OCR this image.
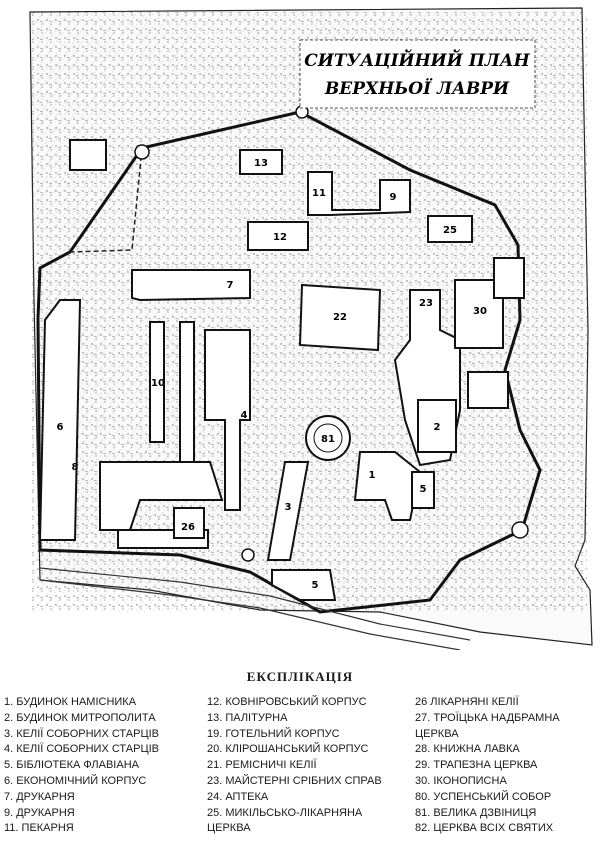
СИТУАЦІЙНИЙ ПЛАН
ВЕРХНЬОЇ ЛАВРИ
13
11	9
12
25
7
22
23
6
4
1
3
8
5
2
81
10
26
30
5
ЕКСПЛІКАЦІЯ
1. БУДИНОК НАМІСНИКА
2. БУДИНОК МИТРОПОЛИТА
3. КЕЛІЇ СОБОРНИХ СТАРЦІВ
4. КЕЛІЇ СОБОРНИХ СТАРЦІВ
5. БІБЛІОТЕКА ФЛАВІАНА
6. ЕКОНОМІЧНИЙ КОРПУС
7. ДРУКАРНЯ
9. ДРУКАРНЯ
11. ПЕКАРНЯ
12. КОВНІРОВСЬКИЙ КОРПУС
13. ПАЛІТУРНА
19. ГОТЕЛЬНИЙ КОРПУС
20. КЛІРОШАНСЬКИЙ КОРПУС
21. РЕМІСНИЧІ КЕЛІЇ
23. МАЙСТЕРНІ СРІБНИХ СПРАВ
24. АПТЕКА
25. МИКІЛЬСЬКО-ЛІКАРНЯНА
ЦЕРКВА
26 ЛІКАРНЯНІ КЕЛІЇ
27. ТРОЇЦЬКА НАДБРАМНА
ЦЕРКВА
28. КНИЖНА ЛАВКА
29. ТРАПЕЗНА ЦЕРКВА
30. ІКОНОПИСНА
80. УСПЕНСЬКИЙ СОБОР
81. ВЕЛИКА ДЗВІНИЦЯ
82. ЦЕРКВА ВСІХ СВЯТИХ
